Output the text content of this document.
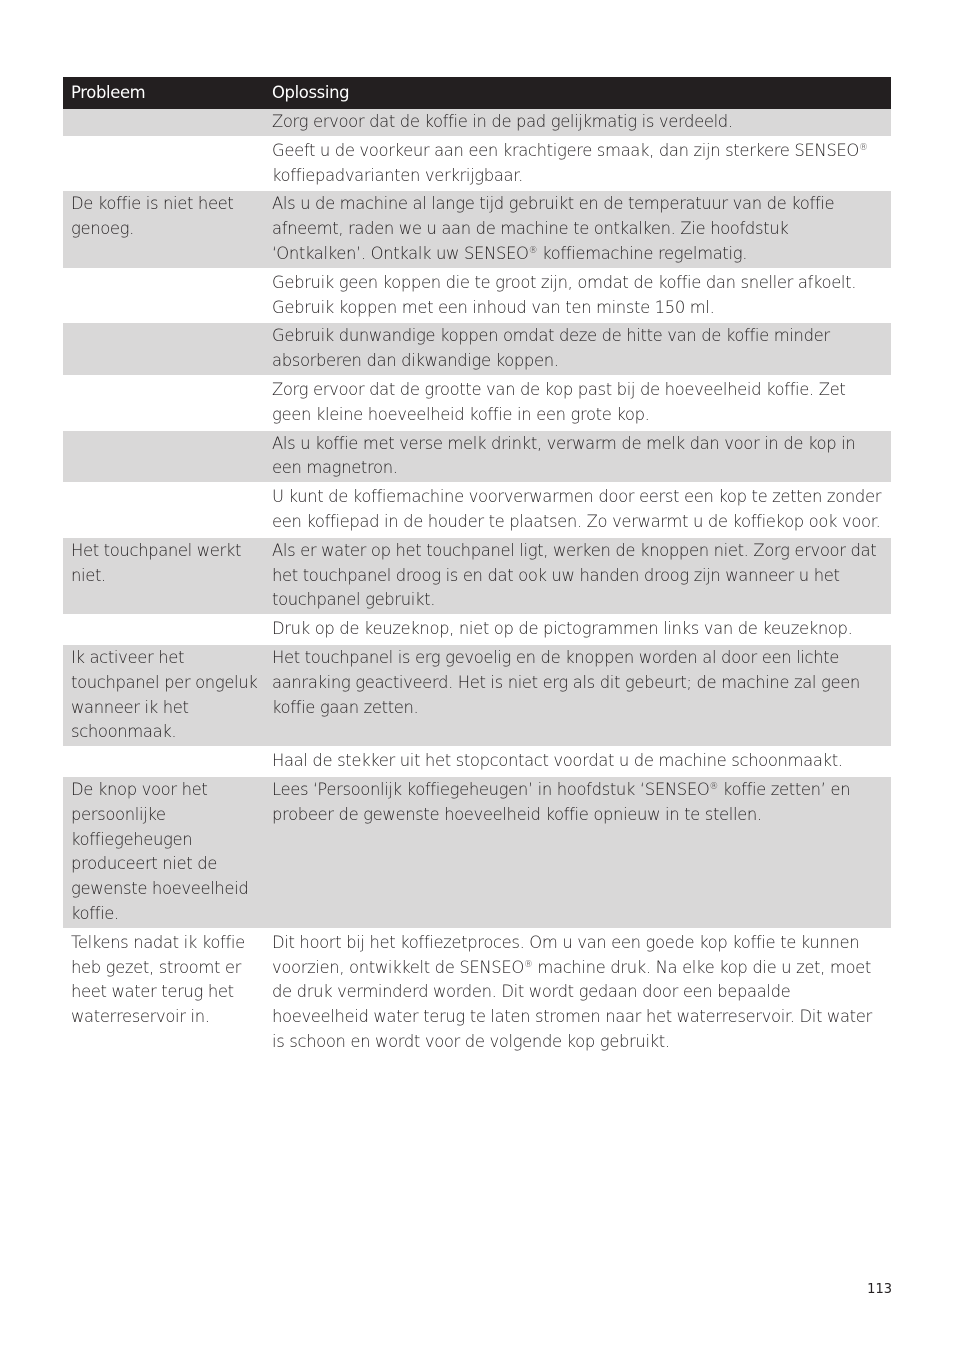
Probleem	Oplossing
	Zorg ervoor dat de koffie in de pad gelijkmatig is verdeeld.
	Geeft u de voorkeur aan een krachtigere smaak, dan zijn sterkere SENSEO® koffiepadvarianten verkrijgbaar.
De koffie is niet heet genoeg.	Als u de machine al lange tijd gebruikt en de temperatuur van de koffie afneemt, raden we u aan de machine te ontkalken. Zie hoofdstuk ‘Ontkalken’. Ontkalk uw SENSEO® koffiemachine regelmatig.
	Gebruik geen koppen die te groot zijn, omdat de koffie dan sneller afkoelt. Gebruik koppen met een inhoud van ten minste 150 ml.
	Gebruik dunwandige koppen omdat deze de hitte van de koffie minder absorberen dan dikwandige koppen.
	Zorg ervoor dat de grootte van de kop past bij de hoeveelheid koffie. Zet geen kleine hoeveelheid koffie in een grote kop.
	Als u koffie met verse melk drinkt, verwarm de melk dan voor in de kop in een magnetron.
	U kunt de koffiemachine voorverwarmen door eerst een kop te zetten zonder een koffiepad in de houder te plaatsen. Zo verwarmt u de koffiekop ook voor.
Het touchpanel werkt niet.	Als er water op het touchpanel ligt, werken de knoppen niet. Zorg ervoor dat het touchpanel droog is en dat ook uw handen droog zijn wanneer u het touchpanel gebruikt.
	Druk op de keuzeknop, niet op de pictogrammen links van de keuzeknop.
Ik activeer het touchpanel per ongeluk wanneer ik het schoonmaak.	Het touchpanel is erg gevoelig en de knoppen worden al door een lichte aanraking geactiveerd. Het is niet erg als dit gebeurt; de machine zal geen koffie gaan zetten.
	Haal de stekker uit het stopcontact voordat u de machine schoonmaakt.
De knop voor het persoonlijke koffiegeheugen produceert niet de gewenste hoeveelheid koffie.	Lees ‘Persoonlijk koffiegeheugen’ in hoofdstuk ‘SENSEO® koffie zetten’ en probeer de gewenste hoeveelheid koffie opnieuw in te stellen.
Telkens nadat ik koffie heb gezet, stroomt er heet water terug het waterreservoir in.	Dit hoort bij het koffiezetproces. Om u van een goede kop koffie te kunnen voorzien, ontwikkelt de SENSEO® machine druk. Na elke kop die u zet, moet de druk verminderd worden. Dit wordt gedaan door een bepaalde hoeveelheid water terug te laten stromen naar het waterreservoir. Dit water is schoon en wordt voor de volgende kop gebruikt.
113
